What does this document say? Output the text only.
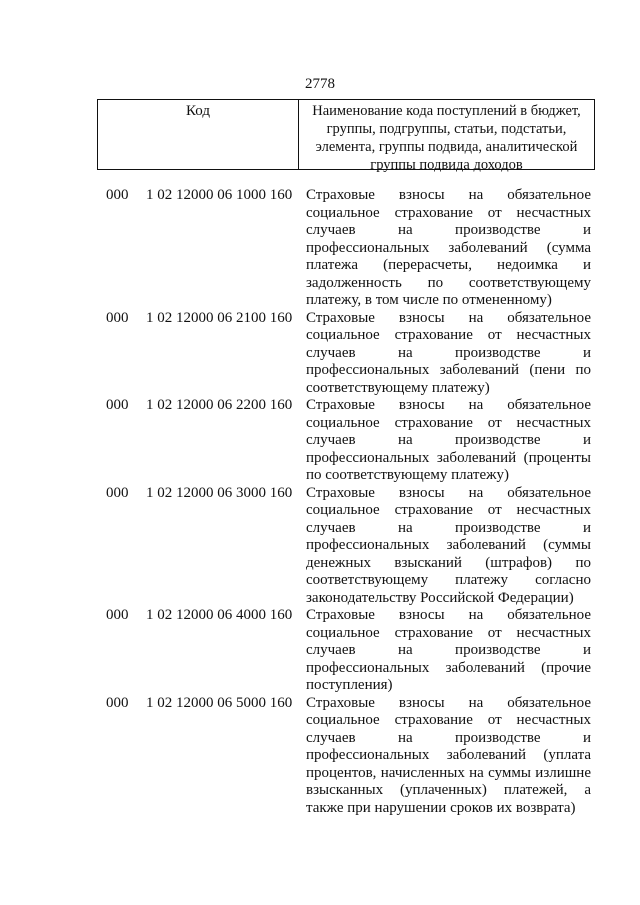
2778
Код	Наименование кода поступлений в бюджет, группы, подгруппы, статьи, подстатьи, элемента, группы подвида, аналитической группы подвида доходов
000	1 02 12000 06 1000 160 Страховые взносы на обязательное социальное страхование от несчастных случаев на производстве и профессиональных заболеваний (сумма платежа (перерасчеты, недоимка и задолженность по соответствующему платежу, в том числе по отмененному)
000	1 02 12000 06 2100 160 Страховые взносы на обязательное социальное страхование от несчастных случаев на производстве и профессиональных заболеваний (пени по соответствующему платежу)
000	1 02 12000 06 2200 160 Страховые взносы на обязательное социальное страхование от несчастных случаев на производстве и профессиональных заболеваний (проценты по соответствующему платежу)
000	1 02 12000 06 3000 160 Страховые взносы на обязательное социальное страхование от несчастных случаев на производстве и профессиональных заболеваний (суммы денежных взысканий (штрафов) по соответствующему платежу согласно законодательству Российской Федерации)
000	1 02 12000 06 4000 160 Страховые взносы на обязательное социальное страхование от несчастных случаев на производстве и профессиональных заболеваний (прочие поступления)
000	1 02 12000 06 5000 160 Страховые взносы на обязательное социальное страхование от несчастных случаев на производстве и профессиональных заболеваний (уплата процентов, начисленных на суммы излишне взысканных (уплаченных) платежей, а также при нарушении сроков их возврата)
